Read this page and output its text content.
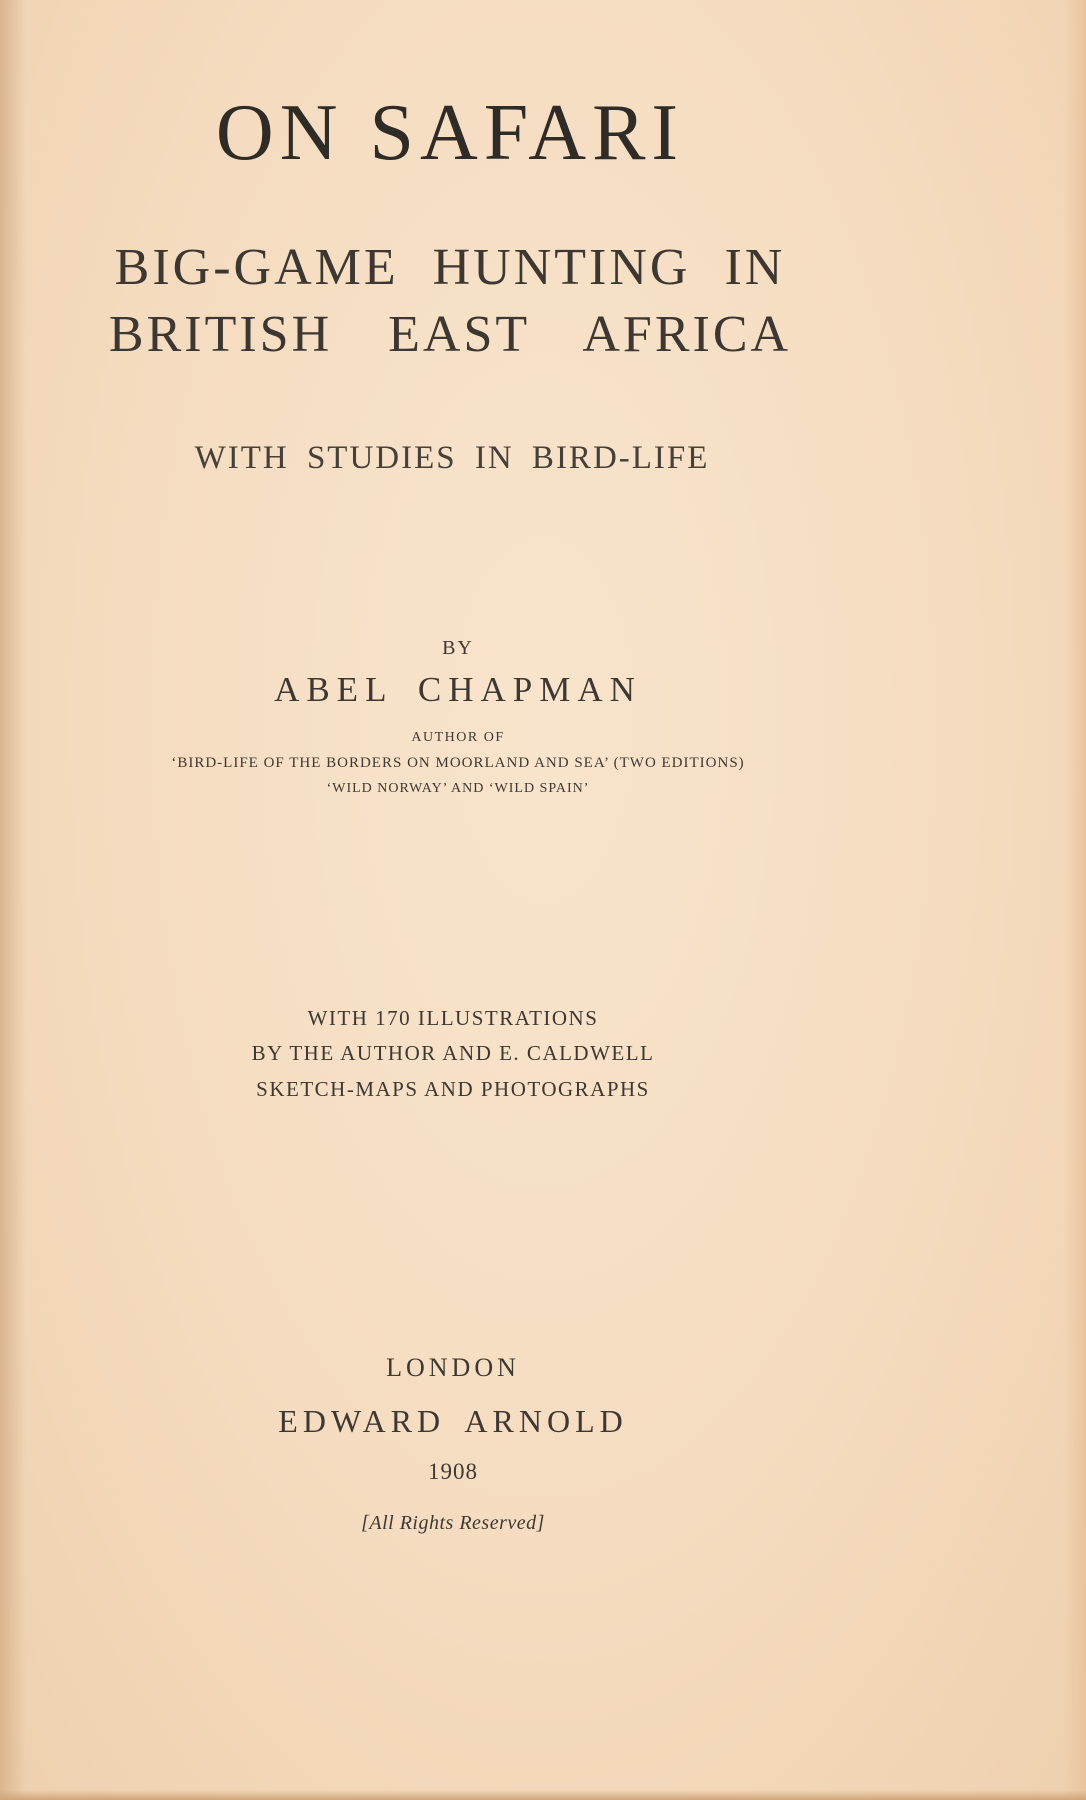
ON SAFARI
BIG-GAME HUNTING IN
BRITISH EAST AFRICA
WITH STUDIES IN BIRD-LIFE
BY
ABEL CHAPMAN
AUTHOR OF
‘BIRD-LIFE OF THE BORDERS ON MOORLAND AND SEA’ (TWO EDITIONS)
‘WILD NORWAY’ AND ‘WILD SPAIN’
WITH 170 ILLUSTRATIONS
BY THE AUTHOR AND E. CALDWELL
SKETCH-MAPS AND PHOTOGRAPHS
LONDON
EDWARD ARNOLD
1908
[All Rights Reserved]
